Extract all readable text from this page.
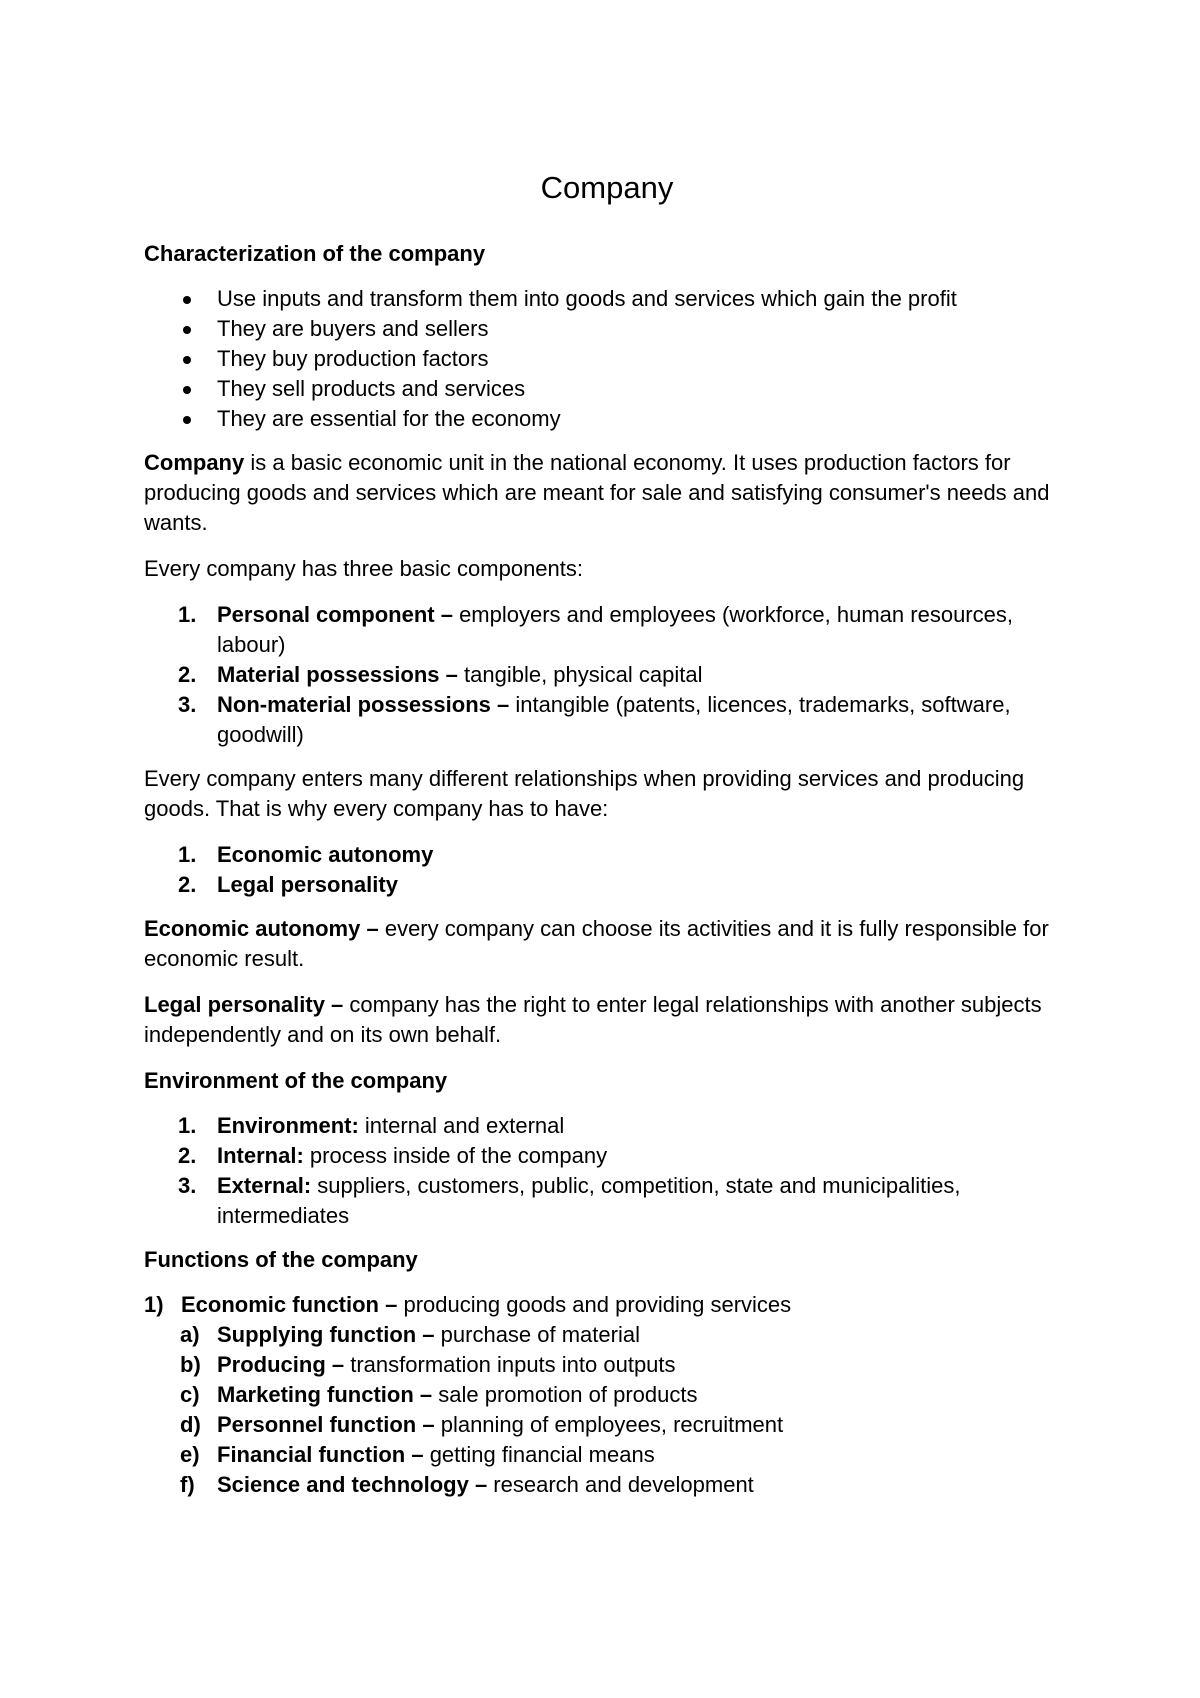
Company
Characterization of the company
Use inputs and transform them into goods and services which gain the profit
They are buyers and sellers
They buy production factors
They sell products and services
They are essential for the economy

Company is a basic economic unit in the national economy. It uses production factors for producing goods and services which are meant for sale and satisfying consumer's needs and wants.

Every company has three basic components:

1. Personal component – employers and employees (workforce, human resources, labour)
2. Material possessions – tangible, physical capital
3. Non-material possessions – intangible (patents, licences, trademarks, software, goodwill)

Every company enters many different relationships when providing services and producing goods. That is why every company has to have:

1. Economic autonomy
2. Legal personality

Economic autonomy – every company can choose its activities and it is fully responsible for economic result.

Legal personality – company has the right to enter legal relationships with another subjects independently and on its own behalf.

Environment of the company
1. Environment: internal and external
2. Internal: process inside of the company
3. External: suppliers, customers, public, competition, state and municipalities, intermediates
Functions of the company
1) Economic function – producing goods and providing services
a) Supplying function – purchase of material
b) Producing – transformation inputs into outputs
c) Marketing function – sale promotion of products
d) Personnel function – planning of employees, recruitment
e) Financial function – getting financial means
f) Science and technology – research and development
